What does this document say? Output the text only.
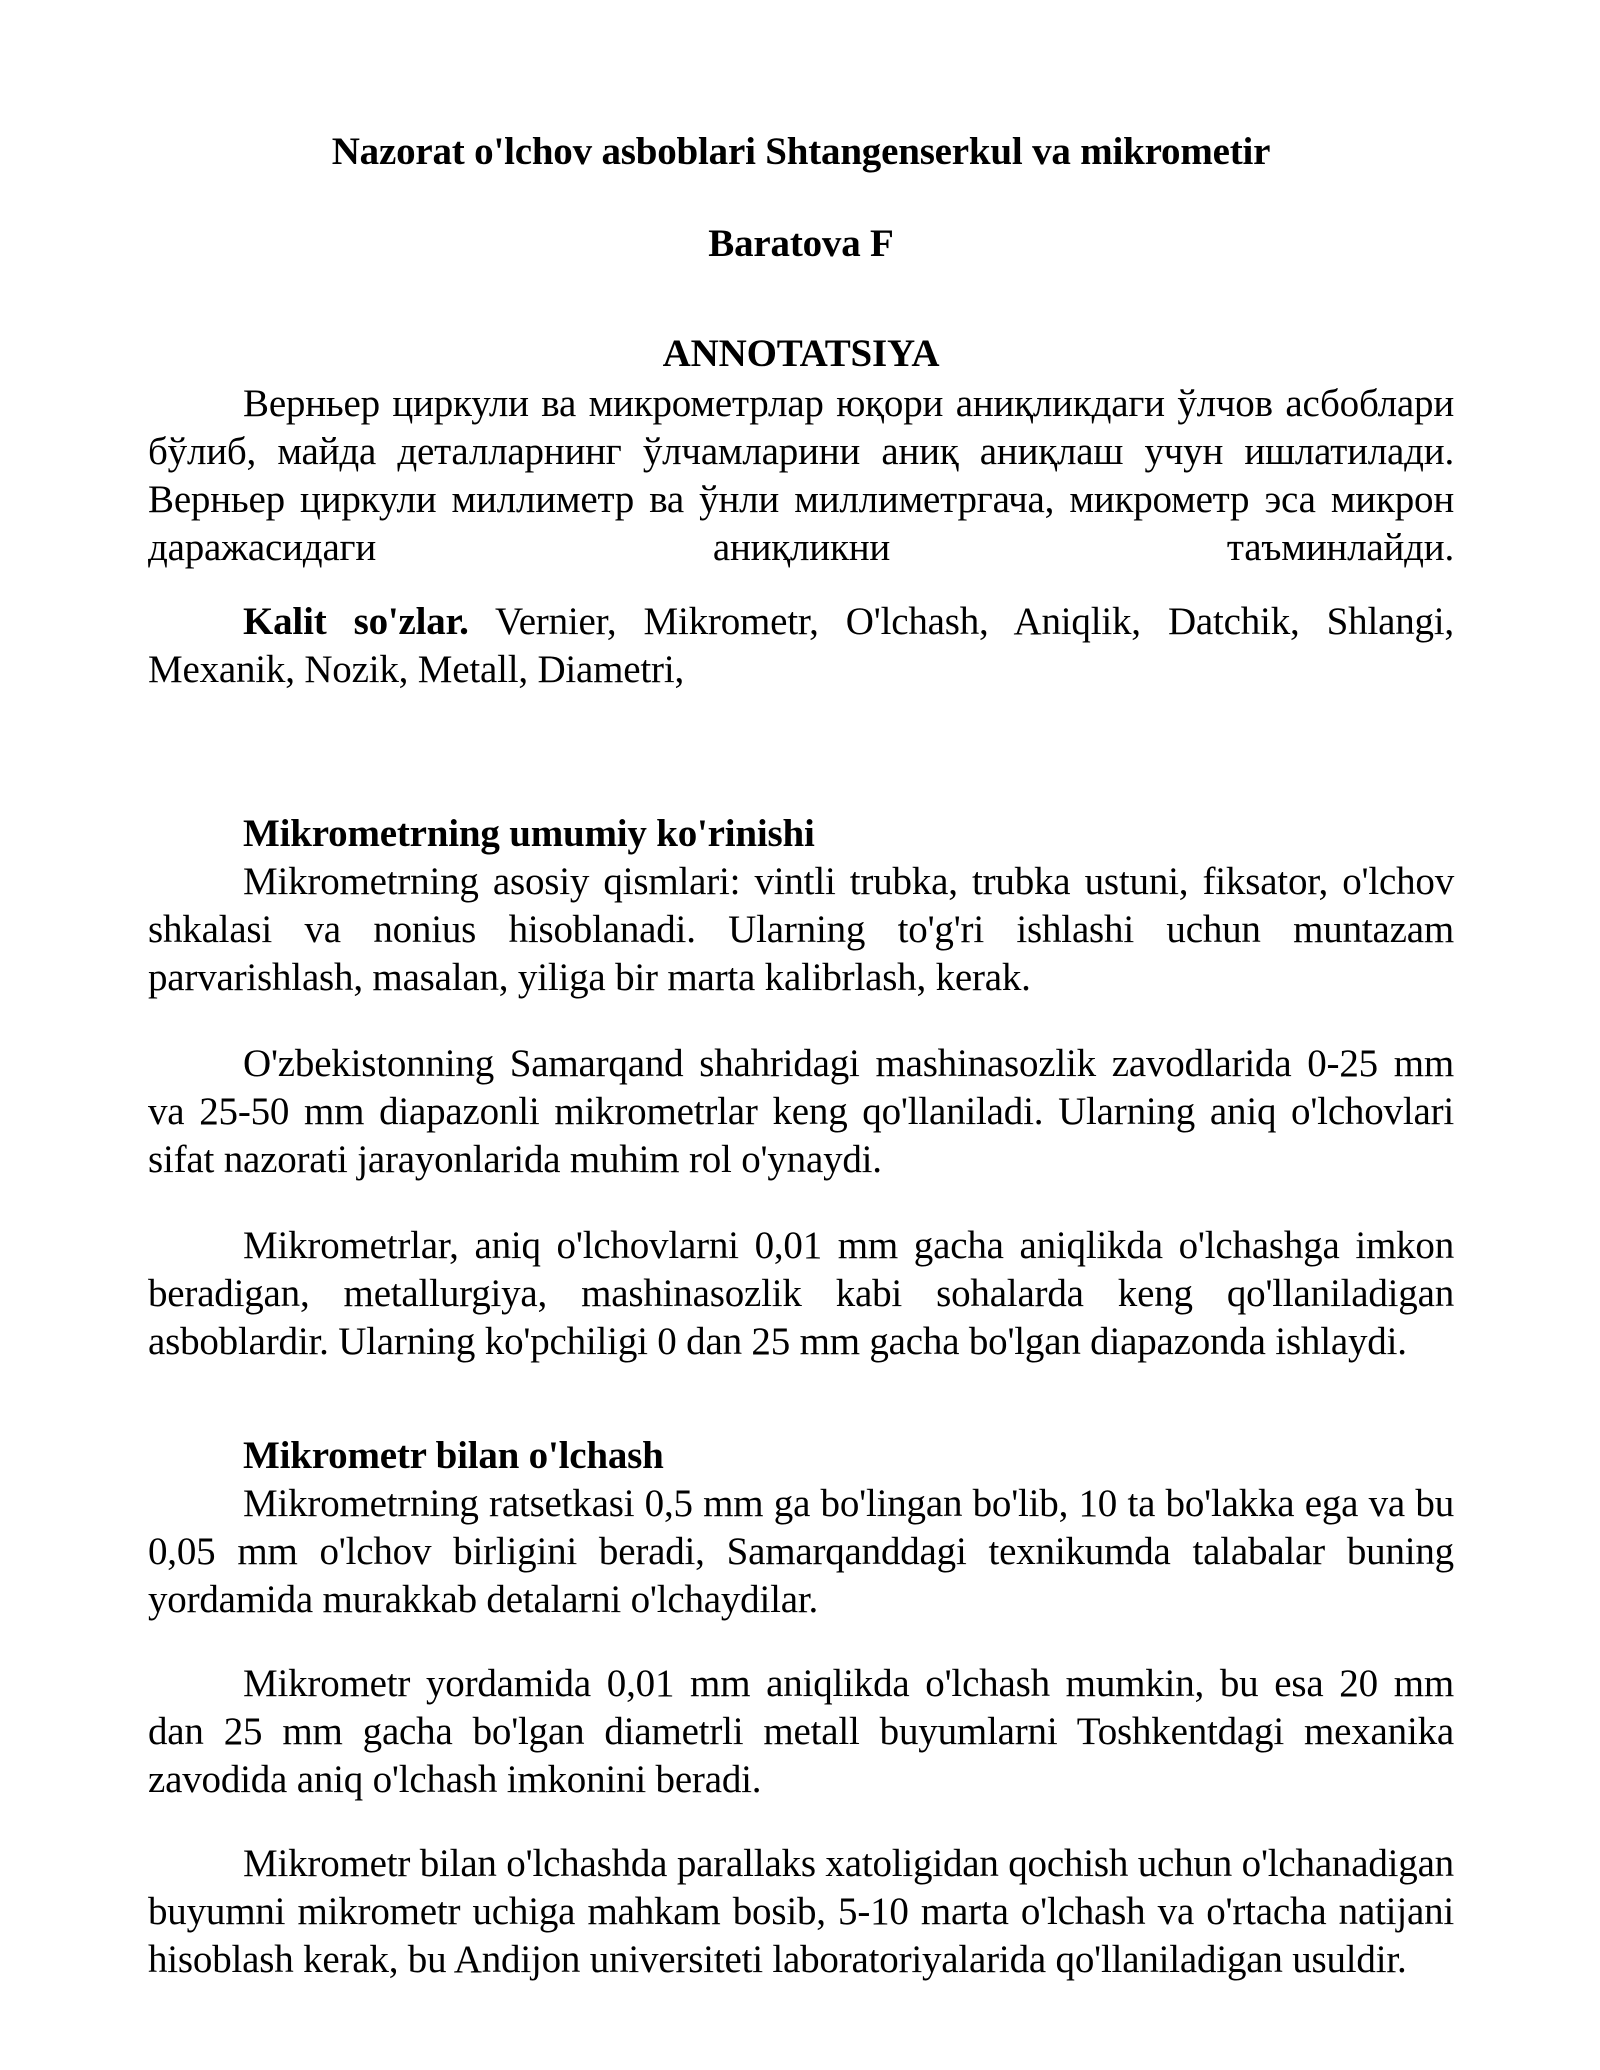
Nazorat o'lchov asboblari Shtangenserkul va mikrometir

Baratova F

ANNOTATSIYA

Верньер циркули ва микрометрлар юқори аниқликдаги ўлчов асбоблари бўлиб, майда деталларнинг ўлчамларини аниқ аниқлаш учун ишлатилади. Верньер циркули миллиметр ва ўнли миллиметргача, микрометр эса микрон даражасидаги аниқликни таъминлайди.

Kalit so'zlar. Vernier, Mikrometr, O'lchash, Aniqlik, Datchik, Shlangi, Mexanik, Nozik, Metall, Diametri,

Mikrometrning umumiy ko'rinishi

Mikrometrning asosiy qismlari: vintli trubka, trubka ustuni, fiksator, o'lchov shkalasi va nonius hisoblanadi. Ularning to'g'ri ishlashi uchun muntazam parvarishlash, masalan, yiliga bir marta kalibrlash, kerak.

O'zbekistonning Samarqand shahridagi mashinasozlik zavodlarida 0-25 mm va 25-50 mm diapazonli mikrometrlar keng qo'llaniladi. Ularning aniq o'lchovlari sifat nazorati jarayonlarida muhim rol o'ynaydi.

Mikrometrlar, aniq o'lchovlarni 0,01 mm gacha aniqlikda o'lchashga imkon beradigan, metallurgiya, mashinasozlik kabi sohalarda keng qo'llaniladigan asboblardir. Ularning ko'pchiligi 0 dan 25 mm gacha bo'lgan diapazonda ishlaydi.

Mikrometr bilan o'lchash

Mikrometrning ratsetkasi 0,5 mm ga bo'lingan bo'lib, 10 ta bo'lakka ega va bu 0,05 mm o'lchov birligini beradi, Samarqanddagi texnikumda talabalar buning yordamida murakkab detalarni o'lchaydilar.

Mikrometr yordamida 0,01 mm aniqlikda o'lchash mumkin, bu esa 20 mm dan 25 mm gacha bo'lgan diametrli metall buyumlarni Toshkentdagi mexanika zavodida aniq o'lchash imkonini beradi.

Mikrometr bilan o'lchashda parallaks xatoligidan qochish uchun o'lchanadigan buyumni mikrometr uchiga mahkam bosib, 5-10 marta o'lchash va o'rtacha natijani hisoblash kerak, bu Andijon universiteti laboratoriyalarida qo'llaniladigan usuldir.
